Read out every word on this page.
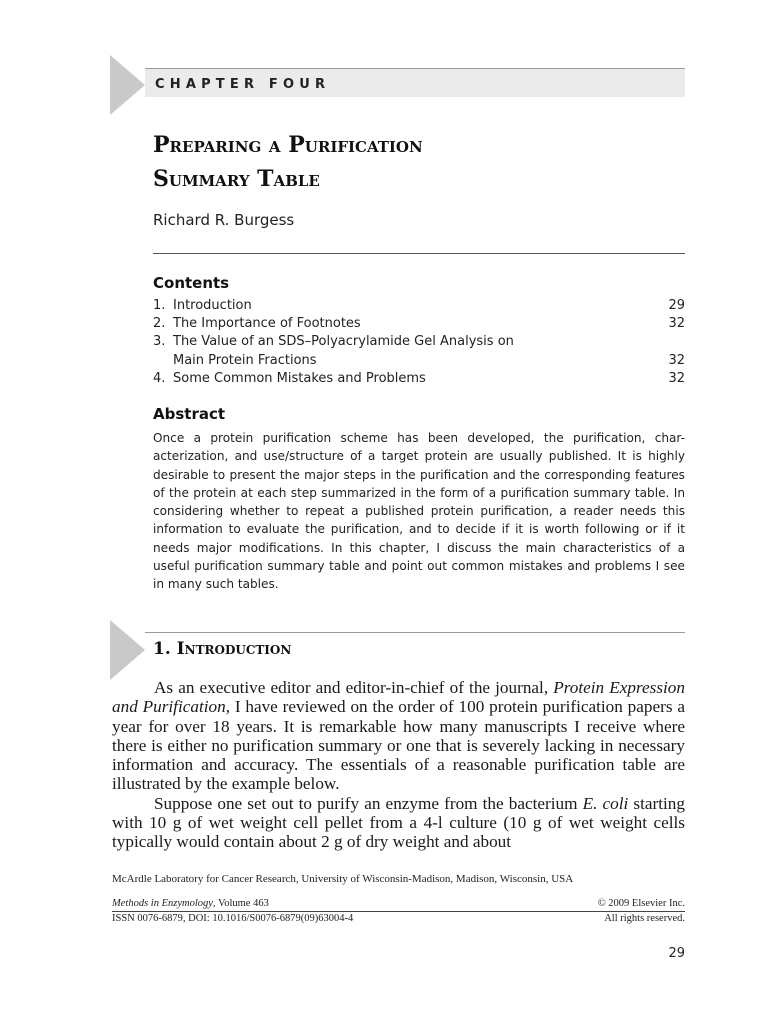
CHAPTER FOUR
Preparing a Purification
Summary Table
Richard R. Burgess
Contents
1. Introduction	29
2. The Importance of Footnotes	32
3. The Value of an SDS–Polyacrylamide Gel Analysis on
Main Protein Fractions	32
4. Some Common Mistakes and Problems	32
Abstract

Once a protein purification scheme has been developed, the purification, char-acterization, and use/structure of a target protein are usually published. It is highly desirable to present the major steps in the purification and the corresponding features of the protein at each step summarized in the form of a purification summary table. In considering whether to repeat a published protein purification, a reader needs this information to evaluate the purification, and to decide if it is worth following or if it needs major modifications. In this chapter, I discuss the main characteristics of a useful purification summary table and point out common mistakes and problems I see in many such tables.

1. Introduction

As an executive editor and editor-in-chief of the journal, Protein Expression and Purification, I have reviewed on the order of 100 protein purification papers a year for over 18 years. It is remarkable how many manuscripts I receive where there is either no purification summary or one that is severely lacking in necessary information and accuracy. The essentials of a reasonable purification table are illustrated by the example below.

Suppose one set out to purify an enzyme from the bacterium E. coli starting with 10 g of wet weight cell pellet from a 4-l culture (10 g of wet weight cells typically would contain about 2 g of dry weight and about

McArdle Laboratory for Cancer Research, University of Wisconsin-Madison, Madison, Wisconsin, USA
Methods in Enzymology, Volume 463	© 2009 Elsevier Inc.
ISSN 0076-6879, DOI: 10.1016/S0076-6879(09)63004-4	All rights reserved.
29
